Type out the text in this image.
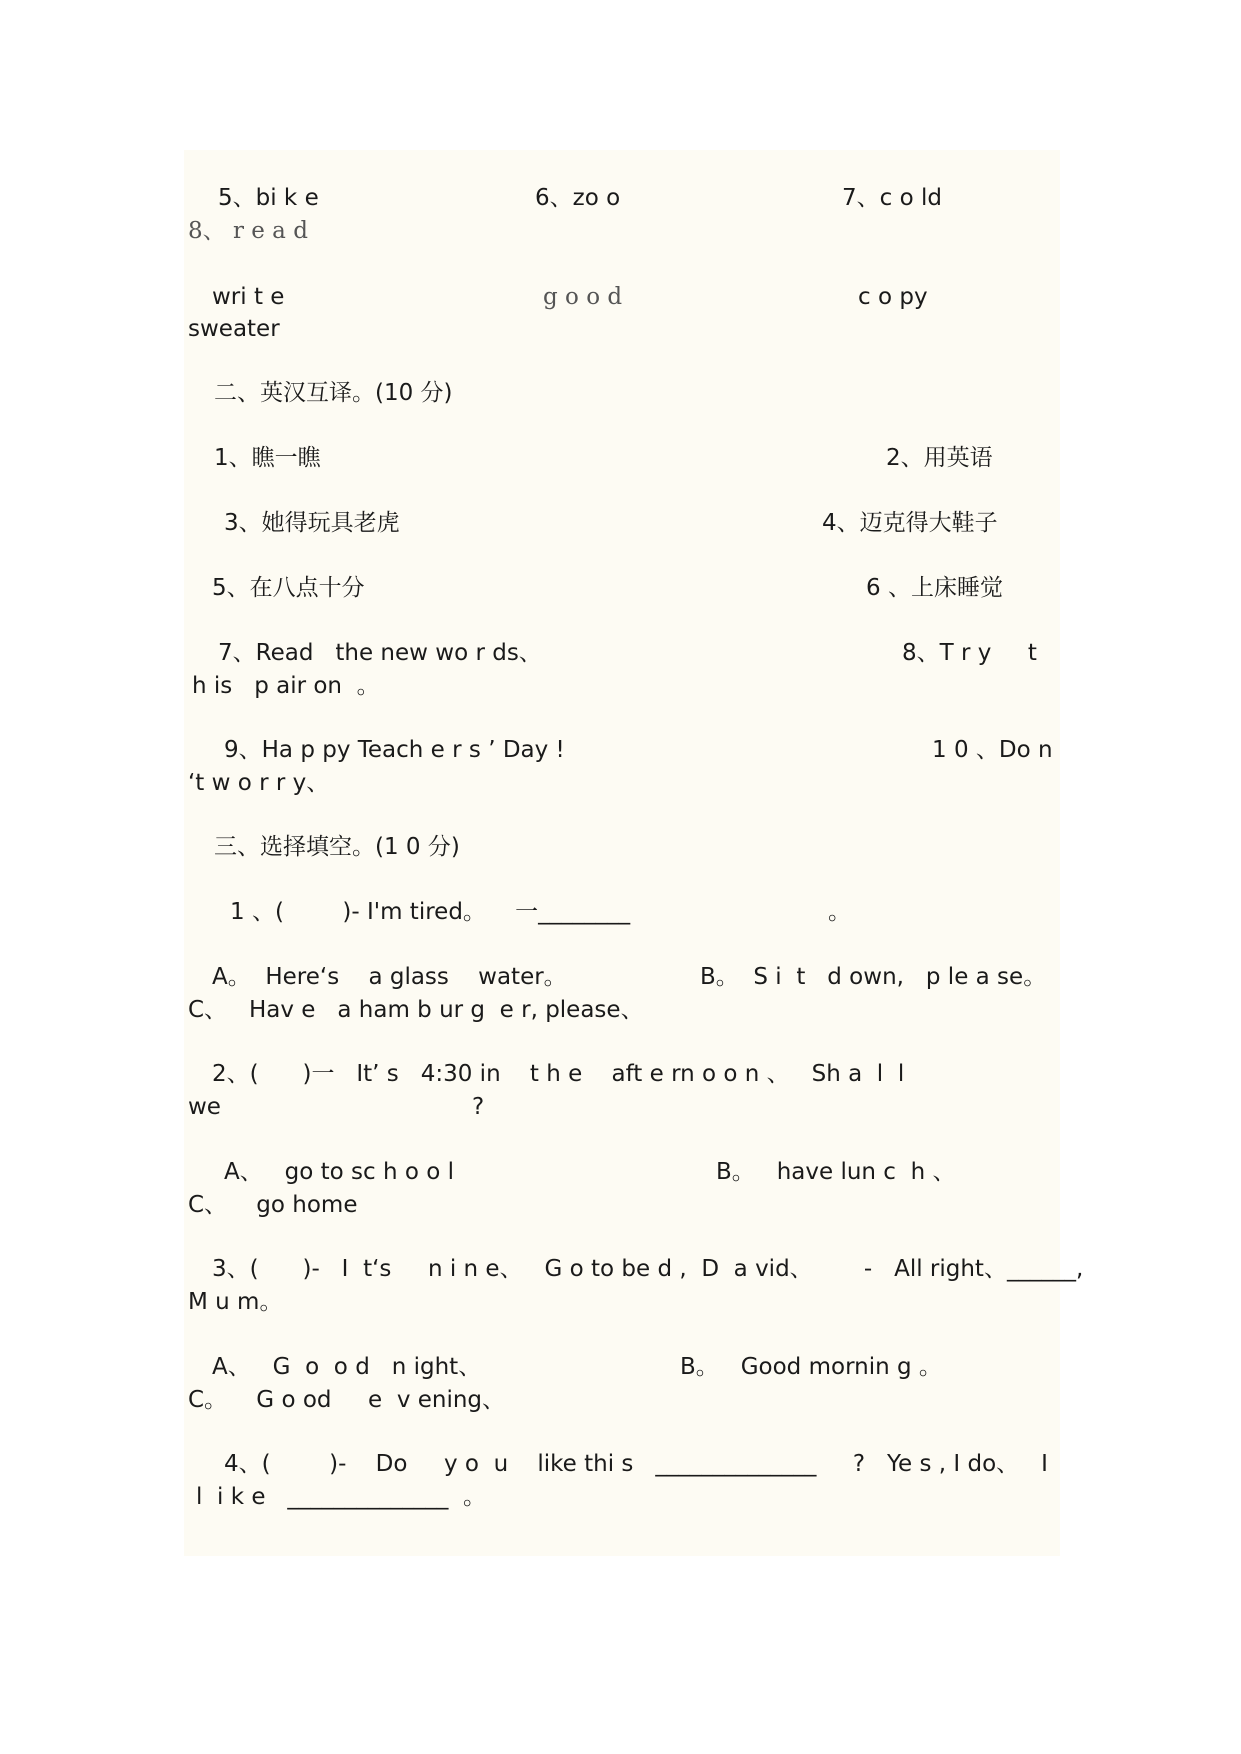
5、bi k e	6、zo o	7、c o ld
8、 r e a d
wri t e	g o o d	c o py
sweater
二、英汉互译。(10 分)
1、瞧一瞧	2、用英语
3、她得玩具老虎	4、迈克得大鞋子
5、在八点十分	6 、上床睡觉
7、Read   the new wo r ds、	8、T r y     t
h is   p air on  。
9、Ha p py Teach e r s ’ Day !	1 0 、Do n
‘t w o r r y、
三、选择填空。(1 0 分)
1 、(        )- I'm tired。    一________	。
A。  Here‘s    a glass    water。	B。  S i  t   d own,   p le a se。
C、   Hav e   a ham b ur g  e r, please、
2、(      )一   It’ s   4:30 in    t h e    aft e rn o o n 、   Sh a  l  l
we	?
A、   go to sc h o o l	B。   have lun c  h 、
C、    go home
3、(      )-   I  t‘s     n i n e、   G o to be d ,  D  a vid、       -   All right、______,
M u m。
A、   G  o  o d   n ight、	B。   Good mornin g 。
C。    G o od     e  v ening、
4、(        )-    Do     y o  u    like thi s   ______________     ?   Ye s , I do、   I
l  i k e   ______________  。
